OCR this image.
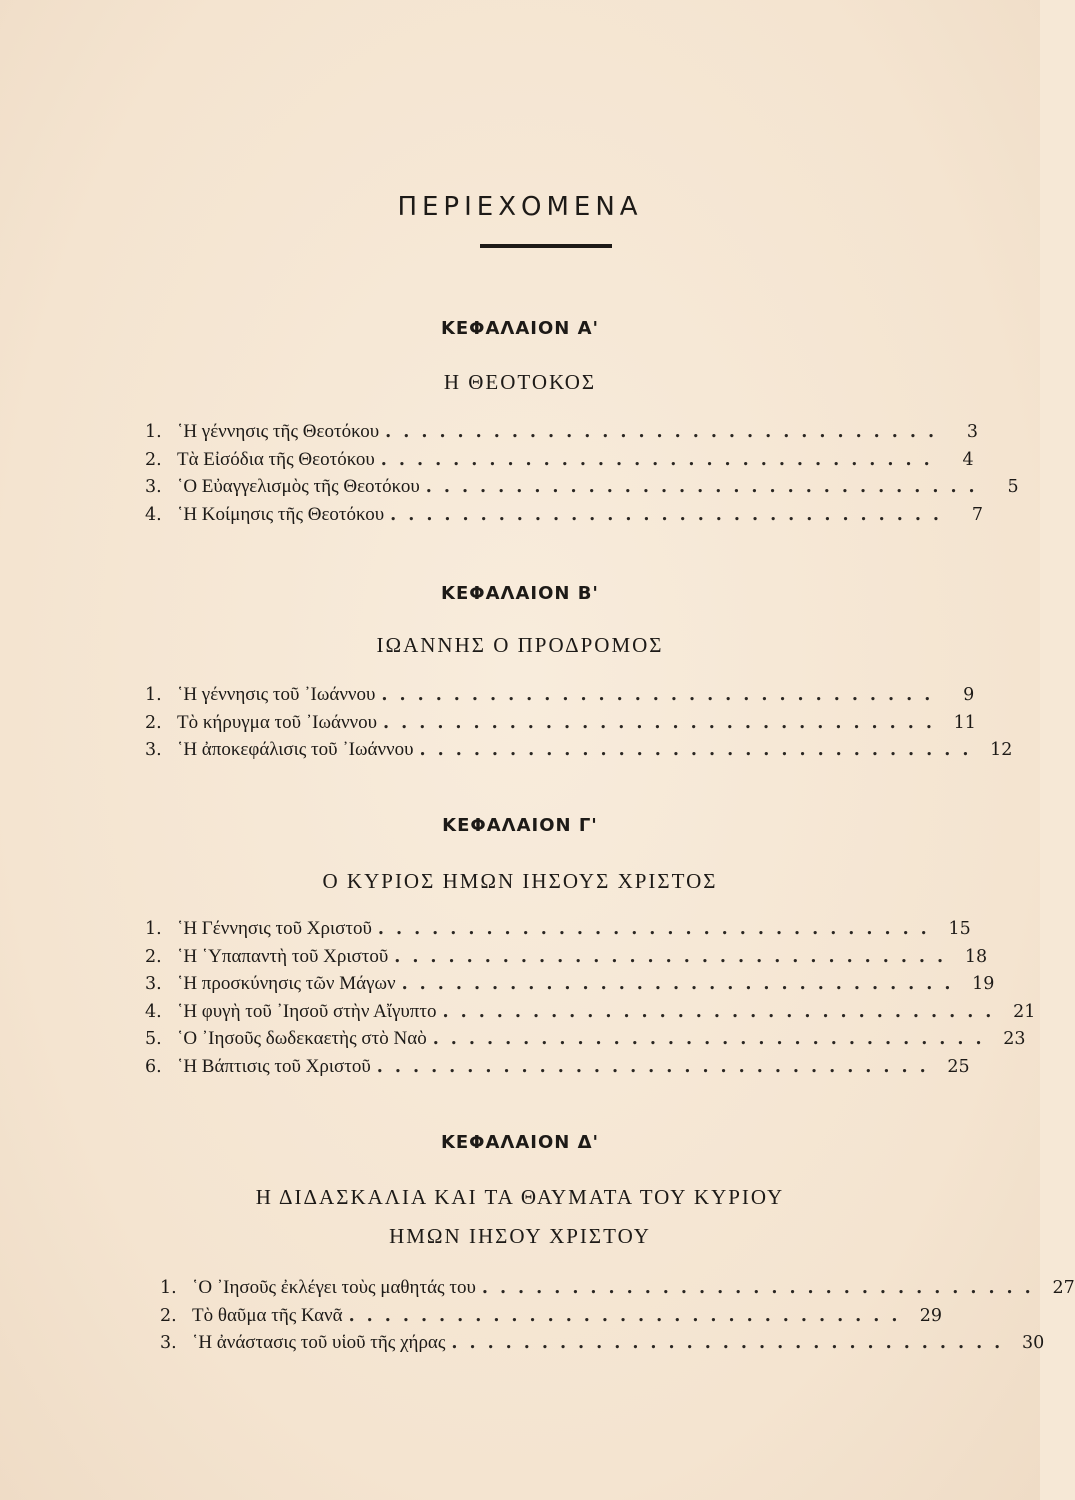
ΠΕΡΙΕΧΟΜΕΝΑ
ΚΕΦΑΛΑΙΟΝ Α'
Η ΘΕΟΤΟΚΟΣ
1. ῾Η γέννησις τῆς Θεοτόκου ...............................	3
2. Τὰ Εἰσόδια τῆς Θεοτόκου ...............................	4
3. ῾Ο Εὐαγγελισμὸς τῆς Θεοτόκου ...............................	5
4. ῾Η Κοίμησις τῆς Θεοτόκου ...............................	7
ΚΕΦΑΛΑΙΟΝ Β'
ΙΩΑΝΝΗΣ Ο ΠΡΟΔΡΟΜΟΣ
1. ῾Η γέννησις τοῦ ᾿Ιωάννου ...............................	9
2. Τὸ κήρυγμα τοῦ ᾿Ιωάννου ............................... 11
3. ῾Η ἀποκεφάλισις τοῦ ᾿Ιωάννου ............................... 12
ΚΕΦΑΛΑΙΟΝ Γ'
Ο ΚΥΡΙΟΣ ΗΜΩΝ ΙΗΣΟΥΣ ΧΡΙΣΤΟΣ
1. ῾Η Γέννησις τοῦ Χριστοῦ ............................... 15
2. ῾Η ῾Υπαπαντὴ τοῦ Χριστοῦ ............................... 18
3. ῾Η προσκύνησις τῶν Μάγων ............................... 19
4. ῾Η φυγὴ τοῦ ᾿Ιησοῦ στὴν Αἴγυπτο ............................... 21
5. ῾Ο ᾿Ιησοῦς δωδεκαετὴς στὸ Ναὸ ............................... 23
6. ῾Η Βάπτισις τοῦ Χριστοῦ ............................... 25
ΚΕΦΑΛΑΙΟΝ Δ'
Η ΔΙΔΑΣΚΑΛΙΑ ΚΑΙ ΤΑ ΘΑΥΜΑΤΑ ΤΟΥ ΚΥΡΙΟΥ
ΗΜΩΝ ΙΗΣΟΥ ΧΡΙΣΤΟΥ
1. ῾Ο ᾿Ιησοῦς ἐκλέγει τοὺς μαθητάς του ............................... 27
2. Τὸ θαῦμα τῆς Κανᾶ ............................... 29
3. ῾Η ἀνάστασις τοῦ υἱοῦ τῆς χήρας ............................... 30
